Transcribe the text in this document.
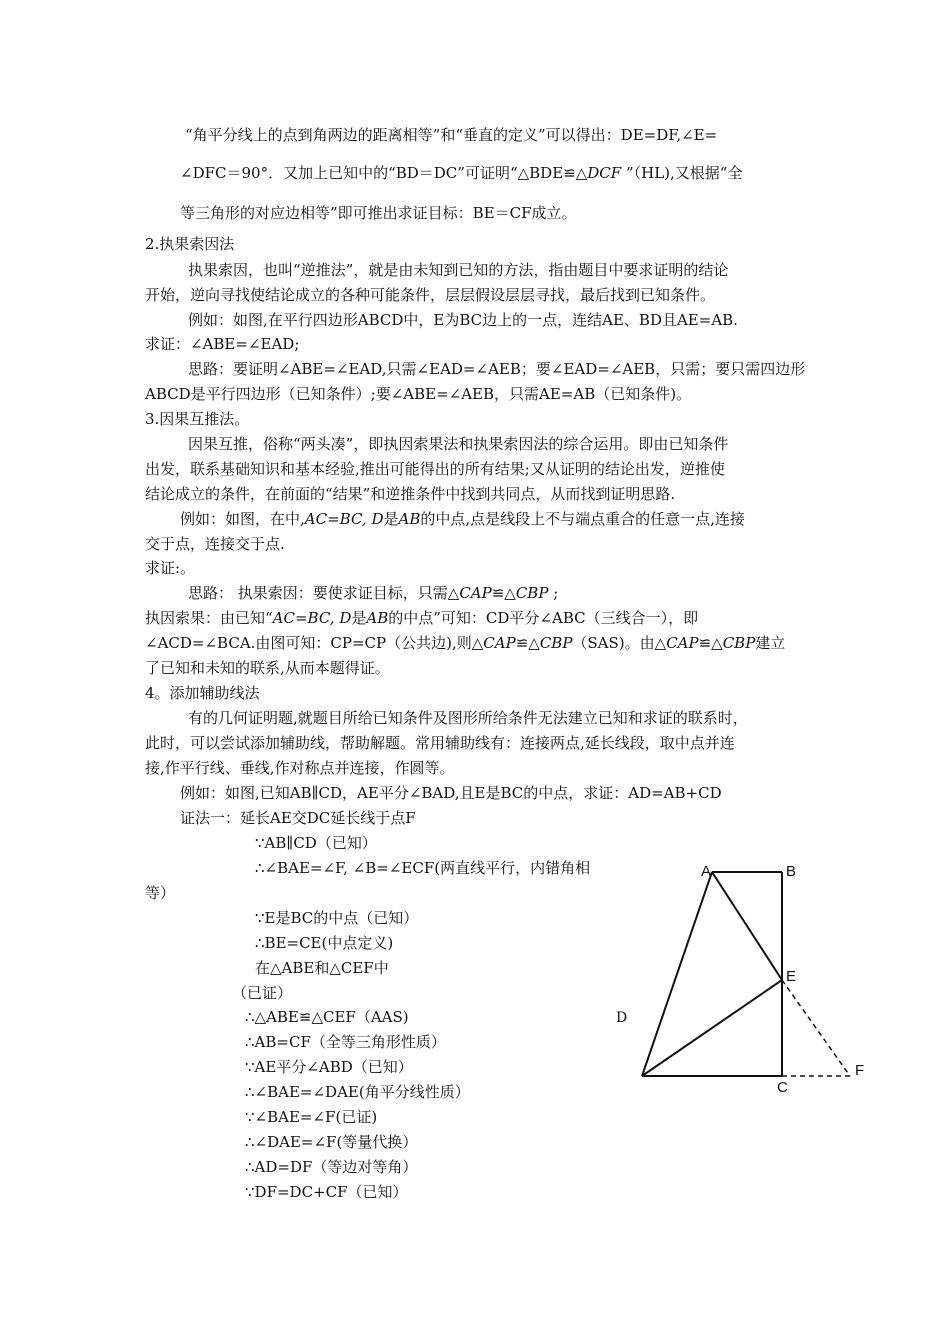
“角平分线上的点到角两边的距离相等”和“垂直的定义”可以得出：DE=DF,∠E=
∠DFC＝90°．又加上已知中的“BD＝DC”可证明“△BDE≌△DCF ”（HL),又根据“全
等三角形的对应边相等”即可推出求证目标：BE＝CF成立。
2.执果索因法
执果索因，也叫“逆推法”，就是由未知到已知的方法，指由题目中要求证明的结论
开始，逆向寻找使结论成立的各种可能条件，层层假设层层寻找，最后找到已知条件。
例如：如图,在平行四边形ABCD中，E为BC边上的一点，连结AE、BD且AE=AB.
求证：∠ABE=∠EAD;
思路：要证明∠ABE=∠EAD,只需∠EAD=∠AEB；要∠EAD=∠AEB，只需；要只需四边形
ABCD是平行四边形（已知条件）;要∠ABE=∠AEB，只需AE=AB（已知条件)。
3.因果互推法。
因果互推，俗称“两头凑”，即执因索果法和执果索因法的综合运用。即由已知条件
出发，联系基础知识和基本经验,推出可能得出的所有结果;又从证明的结论出发，逆推使
结论成立的条件，在前面的“结果”和逆推条件中找到共同点，从而找到证明思路.
例如：如图，在中,AC=BC, D是AB的中点,点是线段上不与端点重合的任意一点,连接
交于点，连接交于点.
求证:。
思路： 执果索因：要使求证目标，只需△CAP≌△CBP ;
执因索果：由已知“AC=BC, D是AB的中点”可知：CD平分∠ABC（三线合一），即
∠ACD=∠BCA.由图可知：CP=CP（公共边),则△CAP≌△CBP（SAS)。由△CAP≌△CBP建立
了已知和未知的联系,从而本题得证。
4。添加辅助线法
有的几何证明题,就题目所给已知条件及图形所给条件无法建立已知和求证的联系时，
此时，可以尝试添加辅助线，帮助解题。常用辅助线有：连接两点,延长线段，取中点并连
接,作平行线、垂线,作对称点并连接，作圆等。
例如：如图,已知AB∥CD，AE平分∠BAD,且E是BC的中点，求证：AD=AB+CD
证法一：延长AE交DC延长线于点F
∵AB∥CD（已知）
∴∠BAE=∠F, ∠B=∠ECF(两直线平行，内错角相
等）
∵E是BC的中点（已知）
∴BE=CE(中点定义)
在△ABE和△CEF中
（已证）
∴△ABE≌△CEF（AAS)
∴AB=CF（全等三角形性质）
∵AE平分∠ABD（已知）
∴∠BAE=∠DAE(角平分线性质）
∵∠BAE=∠F(已证)
∴∠DAE=∠F(等量代换）
∴AD=DF（等边对等角）
∵DF=DC+CF（已知）
A	B
E
D
C
F
